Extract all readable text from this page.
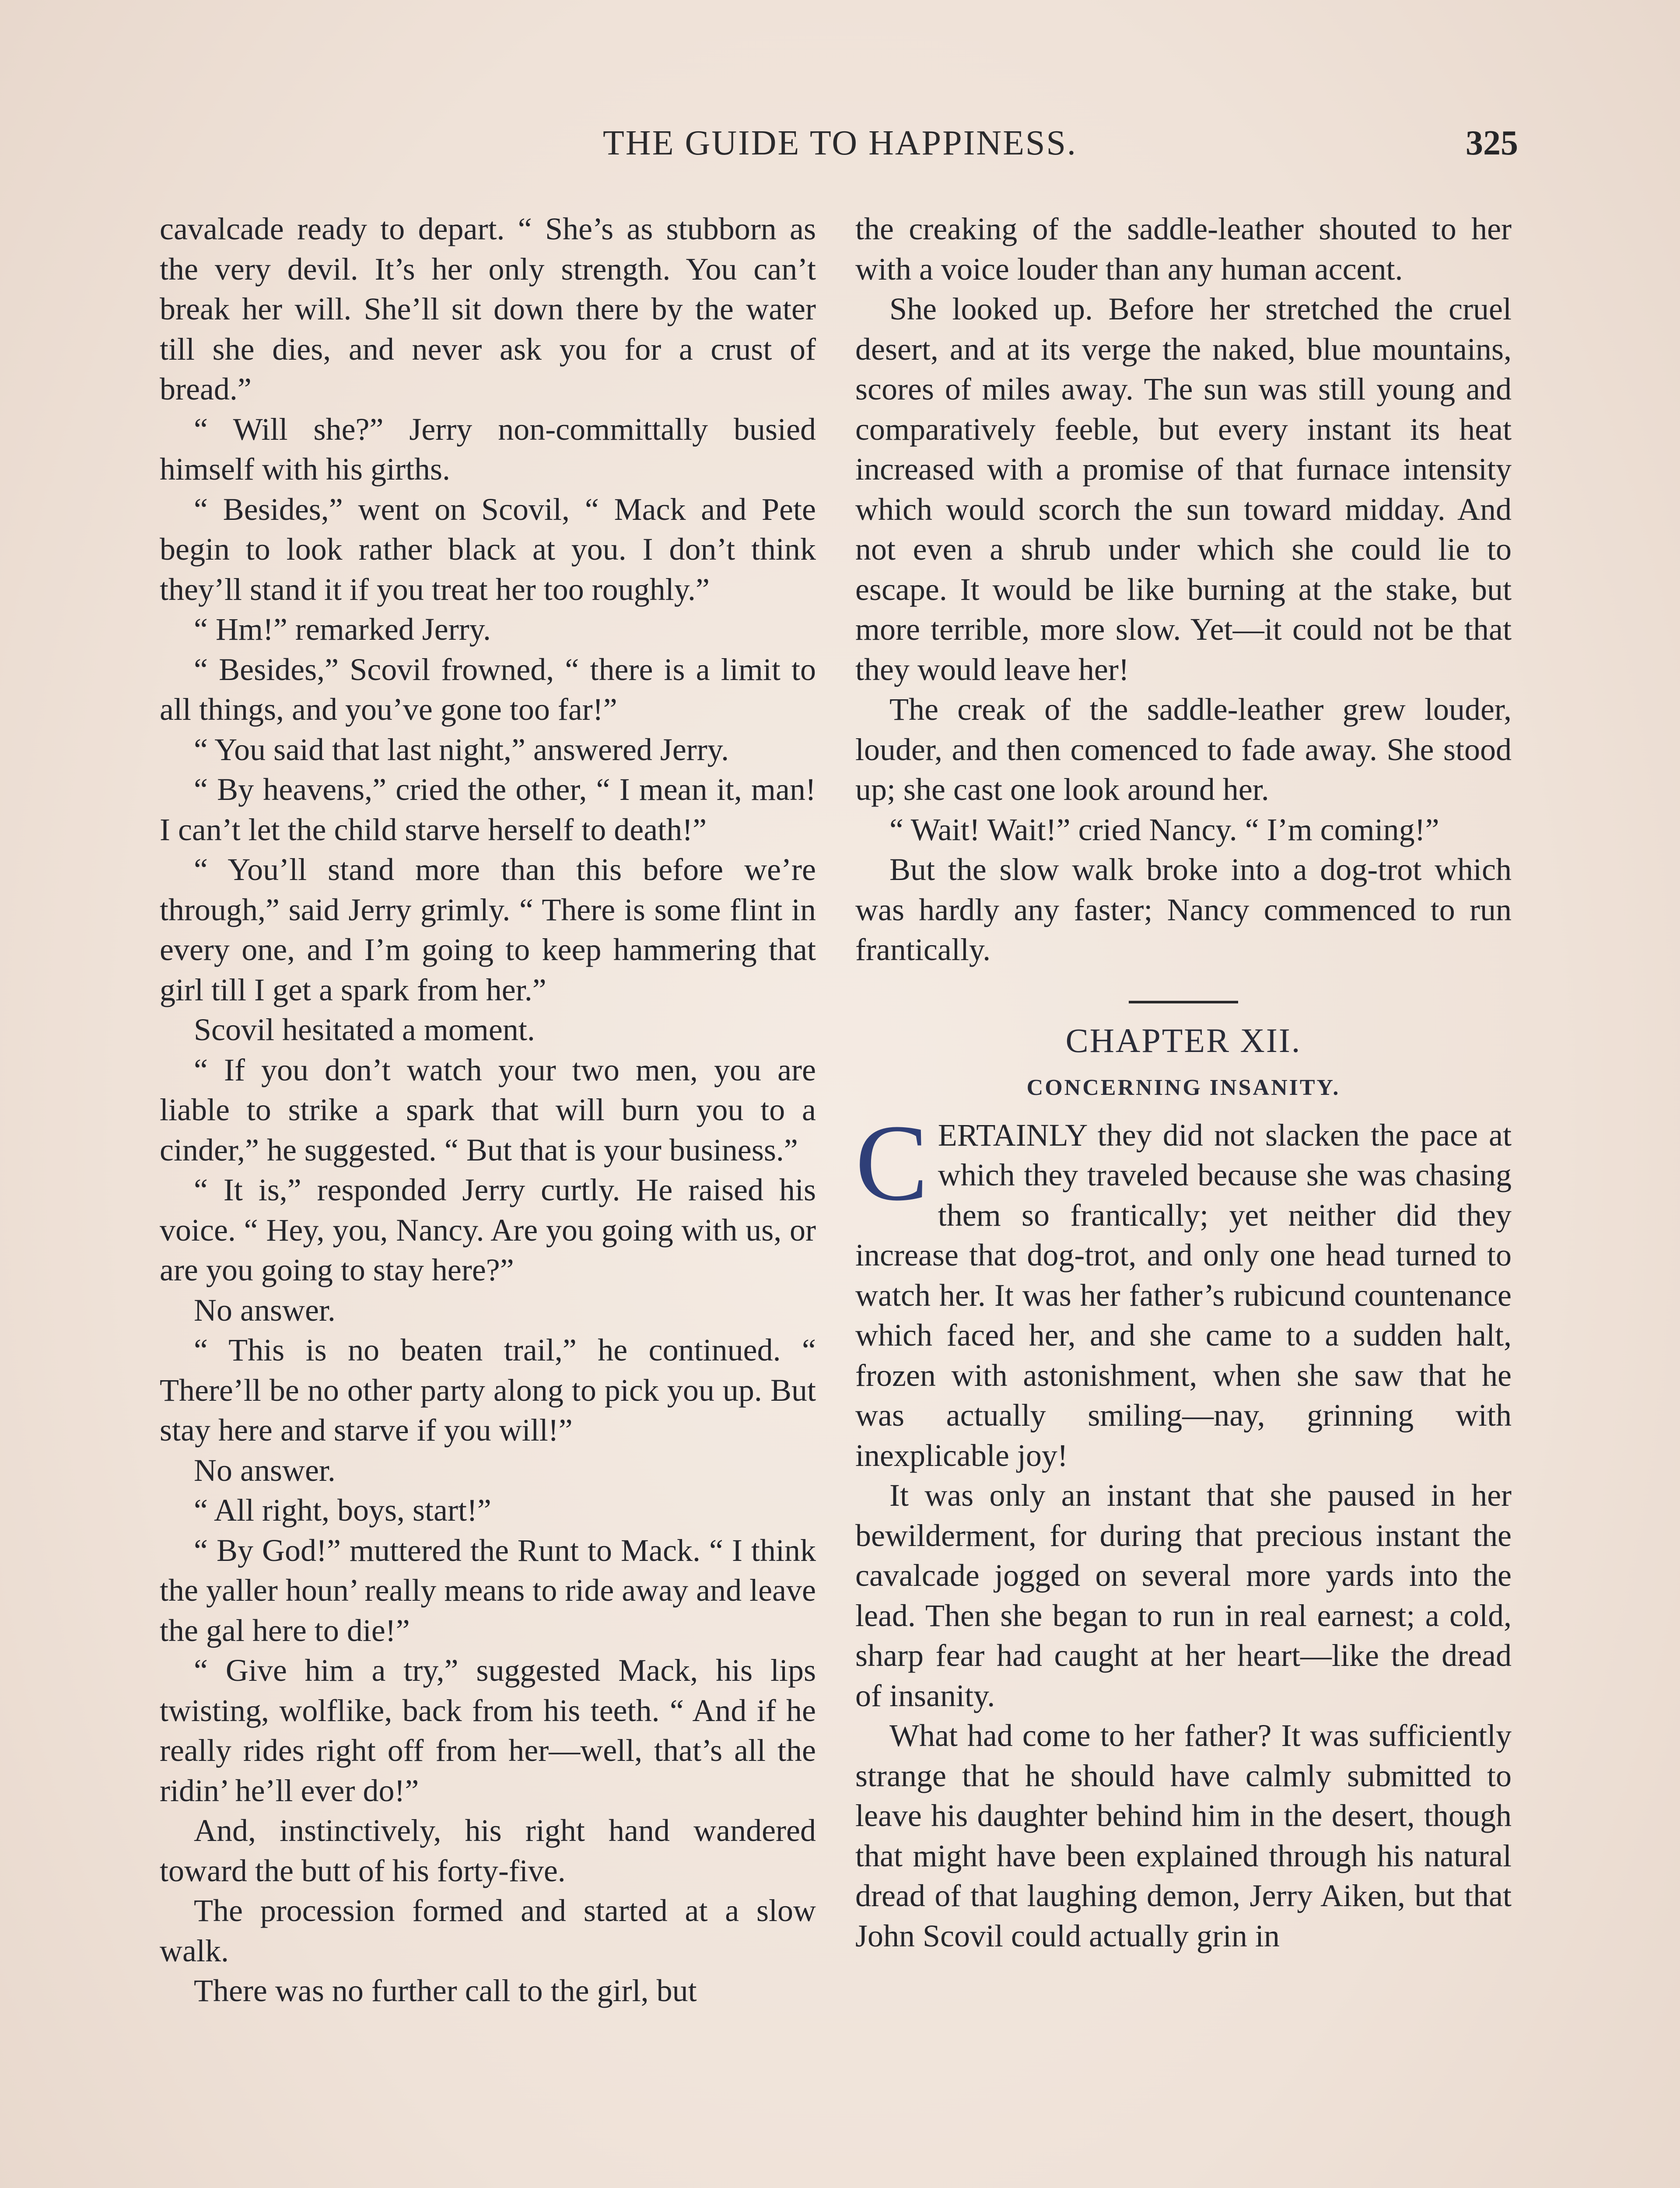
THE GUIDE TO HAPPINESS.	325

cavalcade ready to depart. “ She’s as stubborn as the very devil. It’s her only strength. You can’t break her will. She’ll sit down there by the water till she dies, and never ask you for a crust of bread.”

“ Will she?” Jerry non-committally busied himself with his girths.

“ Besides,” went on Scovil, “ Mack and Pete begin to look rather black at you. I don’t think they’ll stand it if you treat her too roughly.”

“ Hm!” remarked Jerry.

“ Besides,” Scovil frowned, “ there is a limit to all things, and you’ve gone too far!”

“ You said that last night,” answered Jerry.

“ By heavens,” cried the other, “ I mean it, man! I can’t let the child starve herself to death!”

“ You’ll stand more than this before we’re through,” said Jerry grimly. “ There is some flint in every one, and I’m going to keep hammering that girl till I get a spark from her.”

Scovil hesitated a moment.

“ If you don’t watch your two men, you are liable to strike a spark that will burn you to a cinder,” he suggested. “ But that is your business.”

“ It is,” responded Jerry curtly. He raised his voice. “ Hey, you, Nancy. Are you going with us, or are you going to stay here?”

No answer.

“ This is no beaten trail,” he continued. “ There’ll be no other party along to pick you up. But stay here and starve if you will!”

No answer.

“ All right, boys, start!”

“ By God!” muttered the Runt to Mack. “ I think the yaller houn’ really means to ride away and leave the gal here to die!”

“ Give him a try,” suggested Mack, his lips twisting, wolflike, back from his teeth. “ And if he really rides right off from her—well, that’s all the ridin’ he’ll ever do!”

And, instinctively, his right hand wandered toward the butt of his forty-five.

The procession formed and started at a slow walk.

There was no further call to the girl, but

the creaking of the saddle-leather shouted to her with a voice louder than any human accent.

She looked up. Before her stretched the cruel desert, and at its verge the naked, blue mountains, scores of miles away. The sun was still young and comparatively feeble, but every instant its heat increased with a promise of that furnace intensity which would scorch the sun toward midday. And not even a shrub under which she could lie to escape. It would be like burning at the stake, but more terrible, more slow. Yet—it could not be that they would leave her!

The creak of the saddle-leather grew louder, louder, and then comenced to fade away. She stood up; she cast one look around her.

“ Wait! Wait!” cried Nancy. “ I’m coming!”

But the slow walk broke into a dog-trot which was hardly any faster; Nancy commenced to run frantically.

CHAPTER XII.
CONCERNING INSANITY.

CERTAINLY they did not slacken the pace at which they traveled because she was chasing them so frantically; yet neither did they increase that dog-trot, and only one head turned to watch her. It was her father’s rubicund countenance which faced her, and she came to a sudden halt, frozen with astonishment, when she saw that he was actually smiling—nay, grinning with inexplicable joy!

It was only an instant that she paused in her bewilderment, for during that precious instant the cavalcade jogged on several more yards into the lead. Then she began to run in real earnest; a cold, sharp fear had caught at her heart—like the dread of insanity.

What had come to her father? It was sufficiently strange that he should have calmly submitted to leave his daughter behind him in the desert, though that might have been explained through his natural dread of that laughing demon, Jerry Aiken, but that John Scovil could actually grin in
